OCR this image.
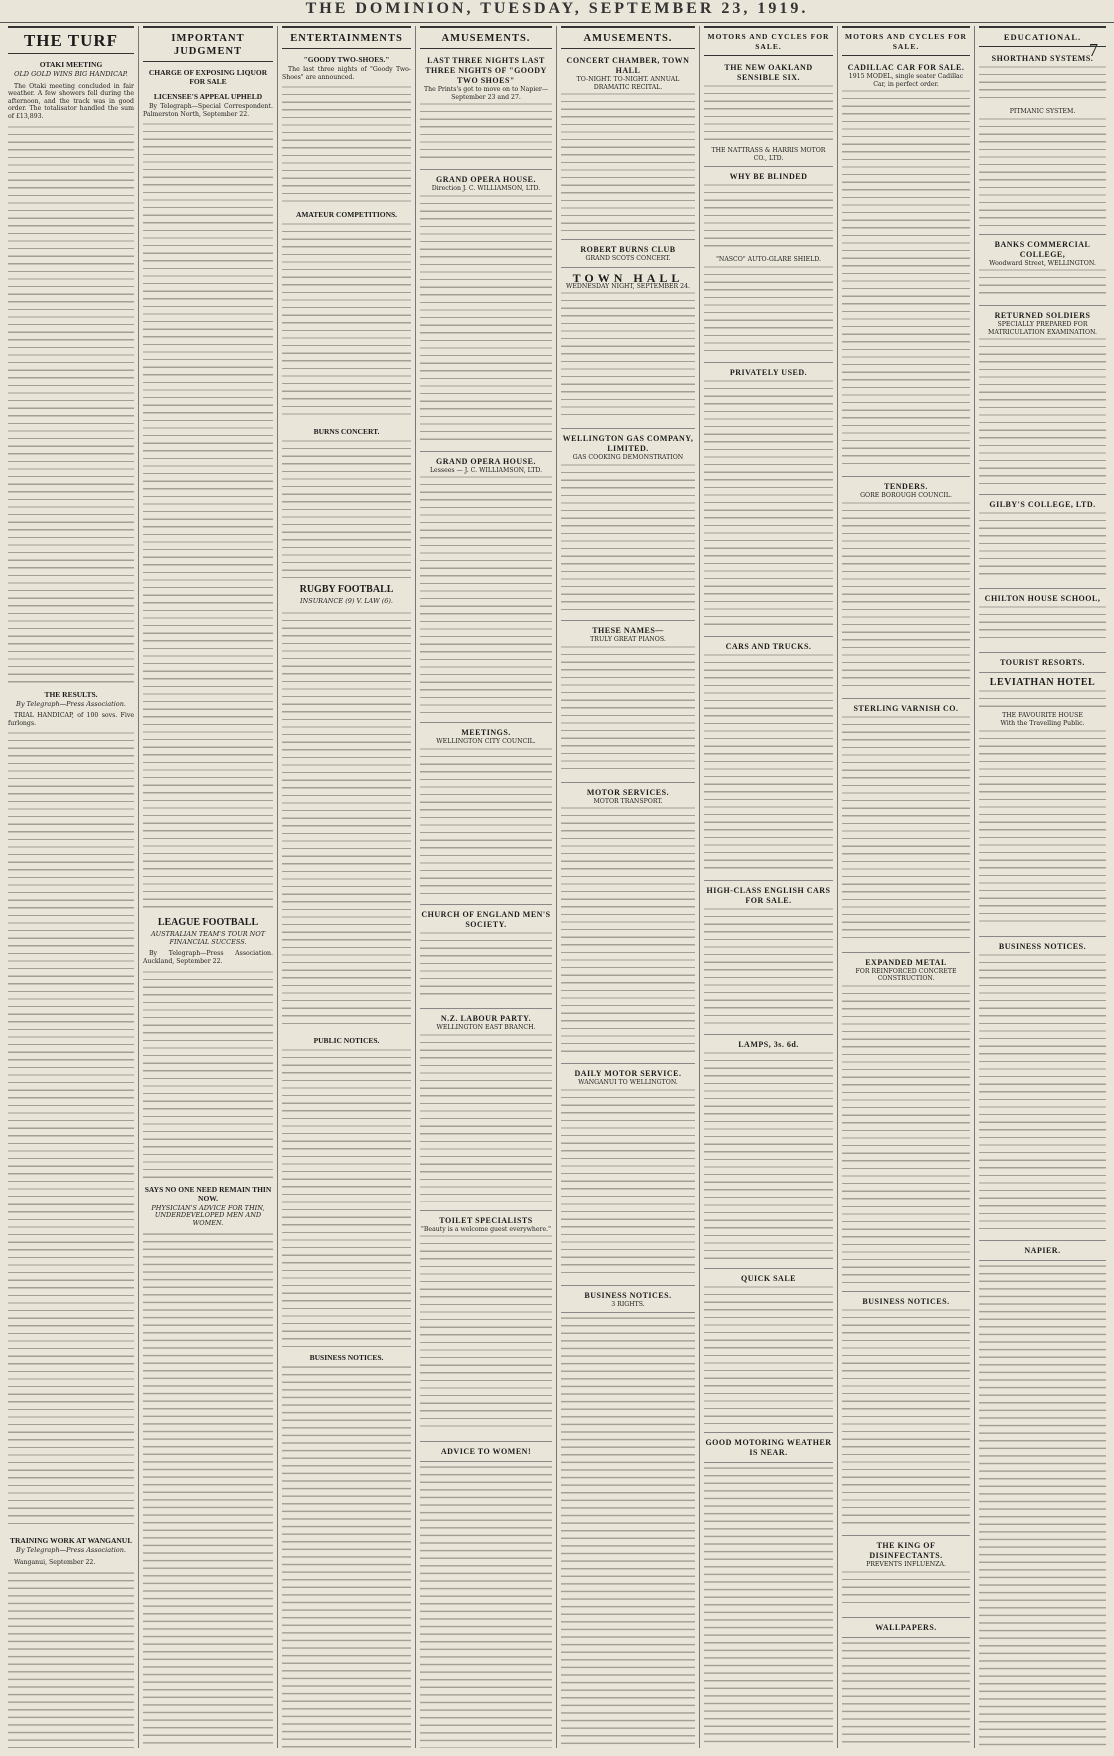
THE DOMINION, TUESDAY, SEPTEMBER 23, 1919.
7
THE TURF
OTAKI MEETING
OLD GOLD WINS BIG HANDICAP.
The Otaki meeting concluded in fair weather. A few showers fell during the afternoon, and the track was in good order. The totalisator handled the sum of £13,893.
THE RESULTS.
By Telegraph—Press Association.
TRIAL HANDICAP, of 100 sovs. Five furlongs.
TRAINING WORK AT WANGANUI.
By Telegraph—Press Association.
Wanganui, September 22.
IMPORTANT JUDGMENT
CHARGE OF EXPOSING LIQUOR FOR SALE
LICENSEE'S APPEAL UPHELD
By Telegraph—Special Correspondent. Palmerston North, September 22.
LEAGUE FOOTBALL
AUSTRALIAN TEAM'S TOUR NOT FINANCIAL SUCCESS.
By Telegraph—Press Association. Auckland, September 22.
SAYS NO ONE NEED REMAIN THIN NOW.
PHYSICIAN'S ADVICE FOR THIN, UNDERDEVELOPED MEN AND WOMEN.
ENTERTAINMENTS
"GOODY TWO-SHOES."
The last three nights of "Goody Two-Shoes" are announced.
AMATEUR COMPETITIONS.
BURNS CONCERT.
RUGBY FOOTBALL
INSURANCE (9) V. LAW (6).
PUBLIC NOTICES.
BUSINESS NOTICES.
AMUSEMENTS.
LAST THREE NIGHTS LAST THREE NIGHTS OF "GOODY TWO SHOES"
The Prints's got to move on to Napier—September 23 and 27.
GRAND OPERA HOUSE.
Direction J. C. WILLIAMSON, LTD.
GRAND OPERA HOUSE.
Lessees — J. C. WILLIAMSON, LTD.
MEETINGS.
WELLINGTON CITY COUNCIL.
CHURCH OF ENGLAND MEN'S SOCIETY.
N.Z. LABOUR PARTY.
WELLINGTON EAST BRANCH.
TOILET SPECIALISTS
"Beauty is a welcome guest everywhere."
ADVICE TO WOMEN!
AMUSEMENTS.
CONCERT CHAMBER, TOWN HALL
TO-NIGHT. TO-NIGHT. ANNUAL DRAMATIC RECITAL.
ROBERT BURNS CLUB
GRAND SCOTS CONCERT.
TOWN HALL
WEDNESDAY NIGHT, SEPTEMBER 24.
WELLINGTON GAS COMPANY, LIMITED.
GAS COOKING DEMONSTRATION
THESE NAMES—
TRULY GREAT PIANOS.
MOTOR SERVICES.
MOTOR TRANSPORT.
DAILY MOTOR SERVICE.
WANGANUI TO WELLINGTON.
BUSINESS NOTICES.
3 RIGHTS.
MOTORS AND CYCLES FOR SALE.
THE NEW OAKLAND SENSIBLE SIX.
THE NATTRASS & HARRIS MOTOR CO., LTD.
WHY BE BLINDED
"NASCO" AUTO-GLARE SHIELD.
PRIVATELY USED.
CARS AND TRUCKS.
HIGH-CLASS ENGLISH CARS FOR SALE.
LAMPS, 3s. 6d.
QUICK SALE
GOOD MOTORING WEATHER IS NEAR.
MOTORS AND CYCLES FOR SALE.
CADILLAC CAR FOR SALE.
1915 MODEL, single seater Cadillac Car, in perfect order.
TENDERS.
GORE BOROUGH COUNCIL.
STERLING VARNISH CO.
EXPANDED METAL
FOR REINFORCED CONCRETE CONSTRUCTION.
BUSINESS NOTICES.
THE KING OF DISINFECTANTS.
PREVENTS INFLUENZA.
WALLPAPERS.
EDUCATIONAL.
SHORTHAND SYSTEMS.
PITMANIC SYSTEM.
BANKS COMMERCIAL COLLEGE,
Woodward Street, WELLINGTON.
RETURNED SOLDIERS
SPECIALLY PREPARED FOR MATRICULATION EXAMINATION.
GILBY'S COLLEGE, LTD.
CHILTON HOUSE SCHOOL,
TOURIST RESORTS.
LEVIATHAN HOTEL
THE FAVOURITE HOUSE
With the Travelling Public.
BUSINESS NOTICES.
NAPIER.
